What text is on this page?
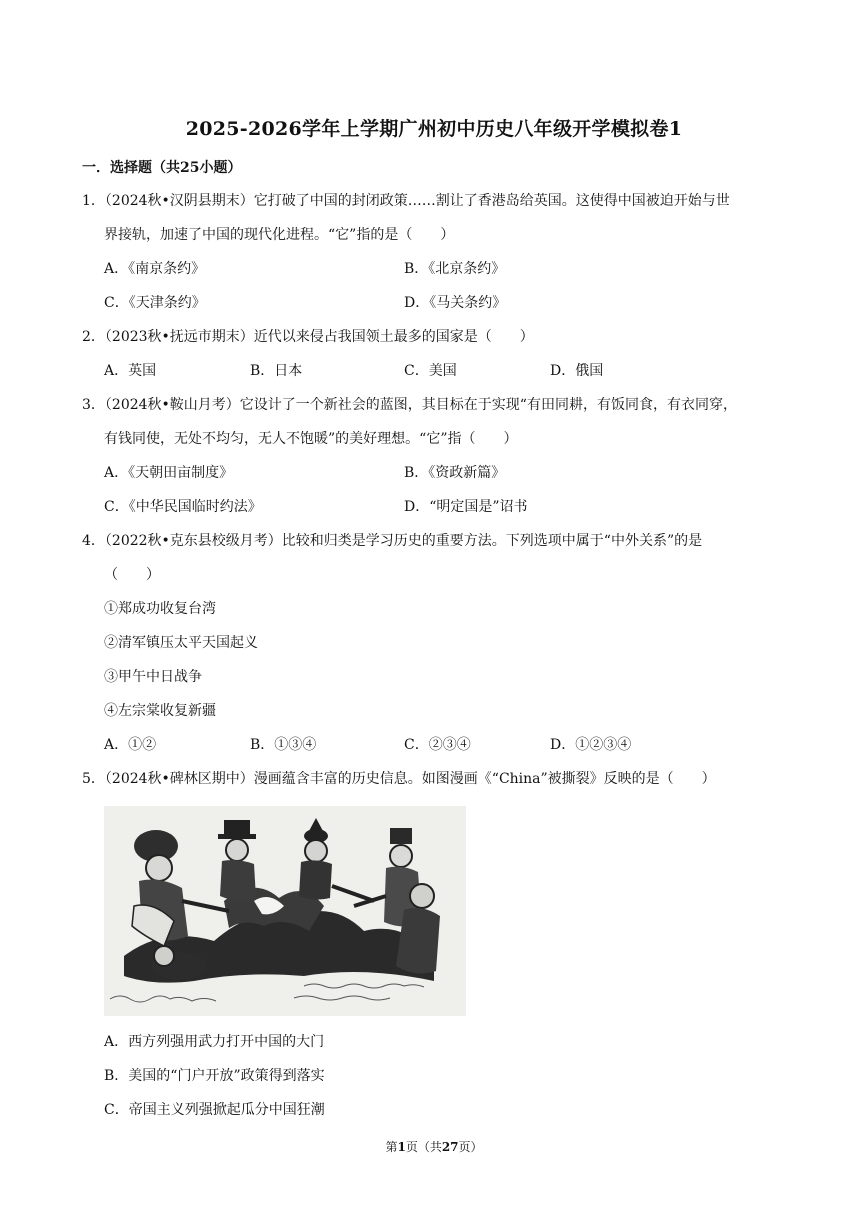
2025-2026学年上学期广州初中历史八年级开学模拟卷1
一．选择题（共25小题）
1．（2024秋•汉阴县期末）它打破了中国的封闭政策……割让了香港岛给英国。这使得中国被迫开始与世
界接轨，加速了中国的现代化进程。“它”指的是（　　）
A．《南京条约》	B．《北京条约》
C．《天津条约》	D．《马关条约》
2．（2023秋•抚远市期末）近代以来侵占我国领土最多的国家是（　　）
A．英国	B．日本	C．美国	D．俄国
3．（2024秋•鞍山月考）它设计了一个新社会的蓝图，其目标在于实现“有田同耕，有饭同食，有衣同穿，
有钱同使，无处不均匀，无人不饱暖”的美好理想。“它”指（　　）
A．《天朝田亩制度》	B．《资政新篇》
C．《中华民国临时约法》	D．“明定国是”诏书
4．（2022秋•克东县校级月考）比较和归类是学习历史的重要方法。下列选项中属于“中外关系”的是
（　　）
①郑成功收复台湾
②清军镇压太平天国起义
③甲午中日战争
④左宗棠收复新疆
A．①②	B．①③④	C．②③④	D．①②③④
5．（2024秋•碑林区期中）漫画蕴含丰富的历史信息。如图漫画《“China”被撕裂》反映的是（　　）
A．西方列强用武力打开中国的大门
B．美国的“门户开放”政策得到落实
C．帝国主义列强掀起瓜分中国狂潮
第1页（共27页）
